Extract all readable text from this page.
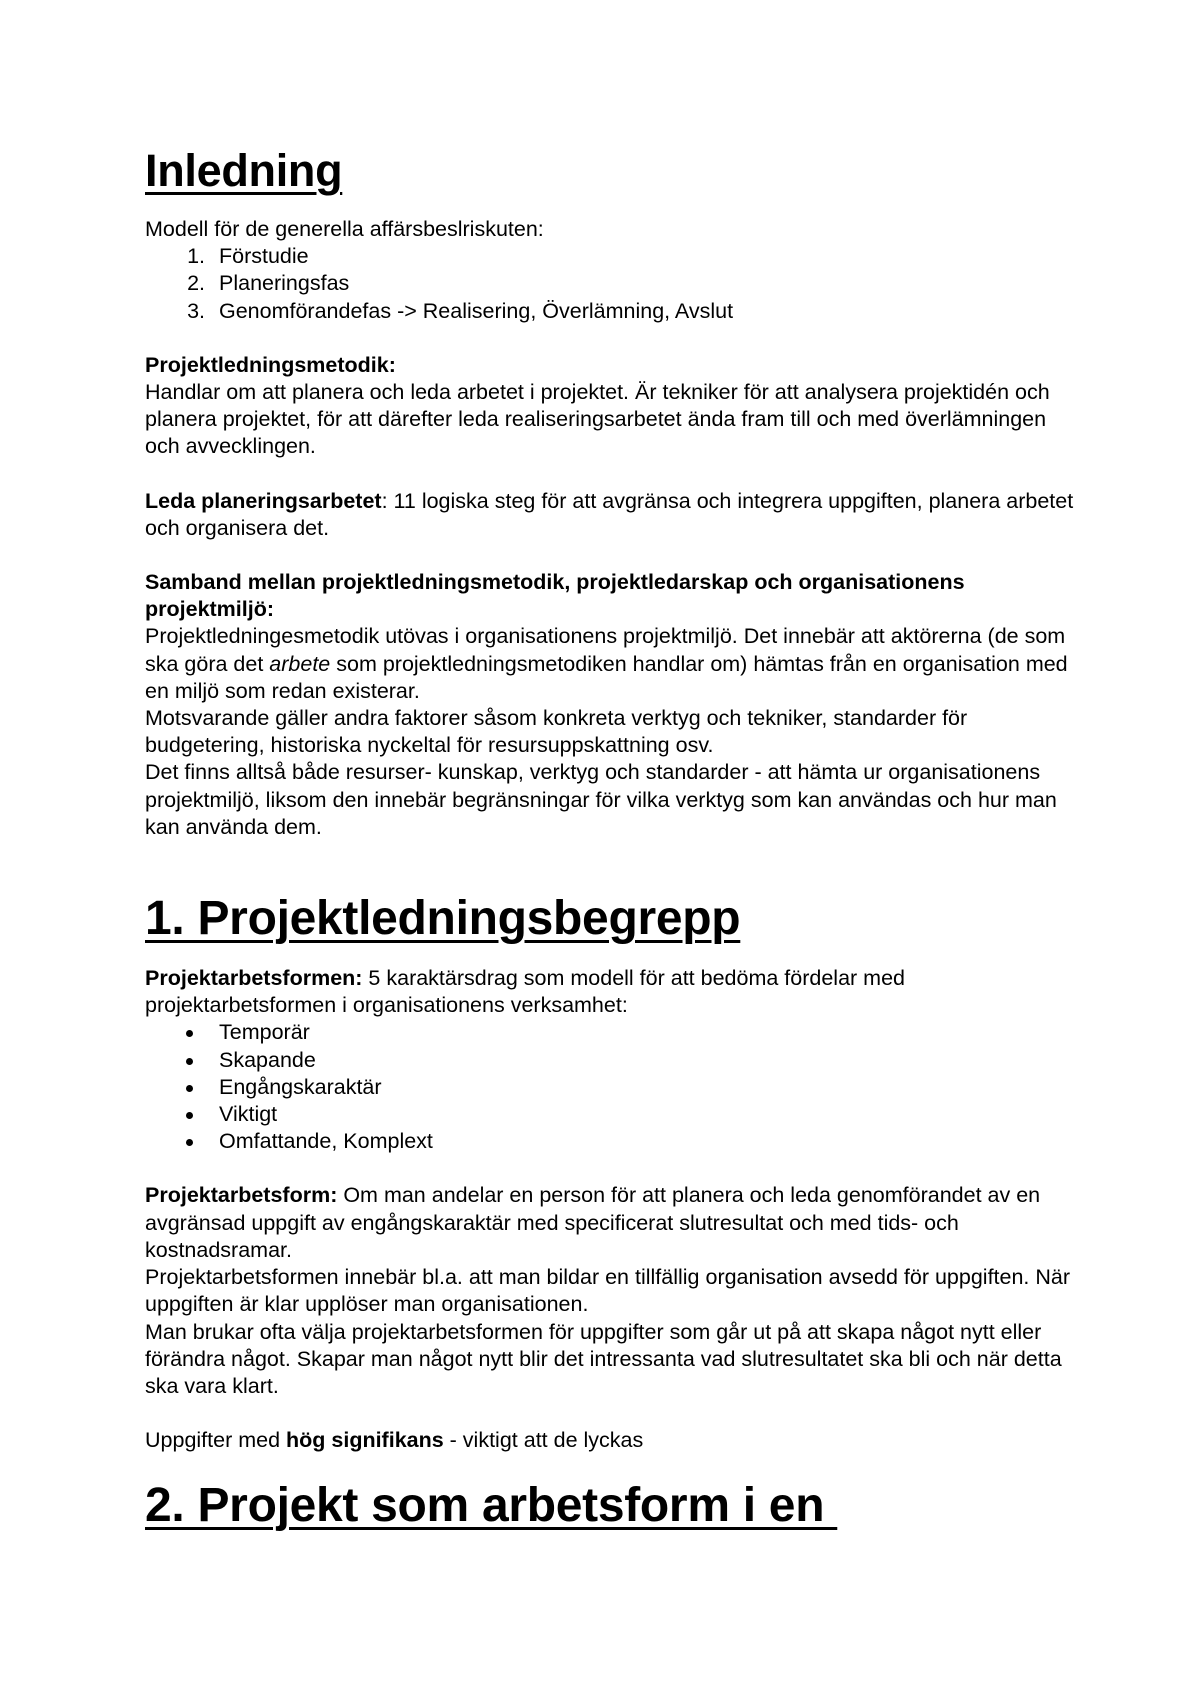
Inledning

Modell för de generella affärsbeslriskuten:

1. Förstudie
2. Planeringsfas
3. Genomförandefas -> Realisering, Överlämning, Avslut

Projektledningsmetodik:
Handlar om att planera och leda arbetet i projektet. Är tekniker för att analysera projektidén och planera projektet, för att därefter leda realiseringsarbetet ända fram till och med överlämningen och avvecklingen.

Leda planeringsarbetet: 11 logiska steg för att avgränsa och integrera uppgiften, planera arbetet och organisera det.

Samband mellan projektledningsmetodik, projektledarskap och organisationens projektmiljö:
Projektledningesmetodik utövas i organisationens projektmiljö. Det innebär att aktörerna (de som ska göra det arbete som projektledningsmetodiken handlar om) hämtas från en organisation med en miljö som redan existerar.
Motsvarande gäller andra faktorer såsom konkreta verktyg och tekniker, standarder för budgetering, historiska nyckeltal för resursuppskattning osv.
Det finns alltså både resurser- kunskap, verktyg och standarder - att hämta ur organisationens projektmiljö, liksom den innebär begränsningar för vilka verktyg som kan användas och hur man kan använda dem.

1. Projektledningsbegrepp

Projektarbetsformen: 5 karaktärsdrag som modell för att bedöma fördelar med projektarbetsformen i organisationens verksamhet:

Temporär
Skapande
Engångskaraktär
Viktigt
Omfattande, Komplext

Projektarbetsform: Om man andelar en person för att planera och leda genomförandet av en avgränsad uppgift av engångskaraktär med specificerat slutresultat och med tids- och kostnadsramar.
Projektarbetsformen innebär bl.a. att man bildar en tillfällig organisation avsedd för uppgiften. När uppgiften är klar upplöser man organisationen.
Man brukar ofta välja projektarbetsformen för uppgifter som går ut på att skapa något nytt eller förändra något. Skapar man något nytt blir det intressanta vad slutresultatet ska bli och när detta ska vara klart.

Uppgifter med hög signifikans - viktigt att de lyckas

2. Projekt som arbetsform i en
